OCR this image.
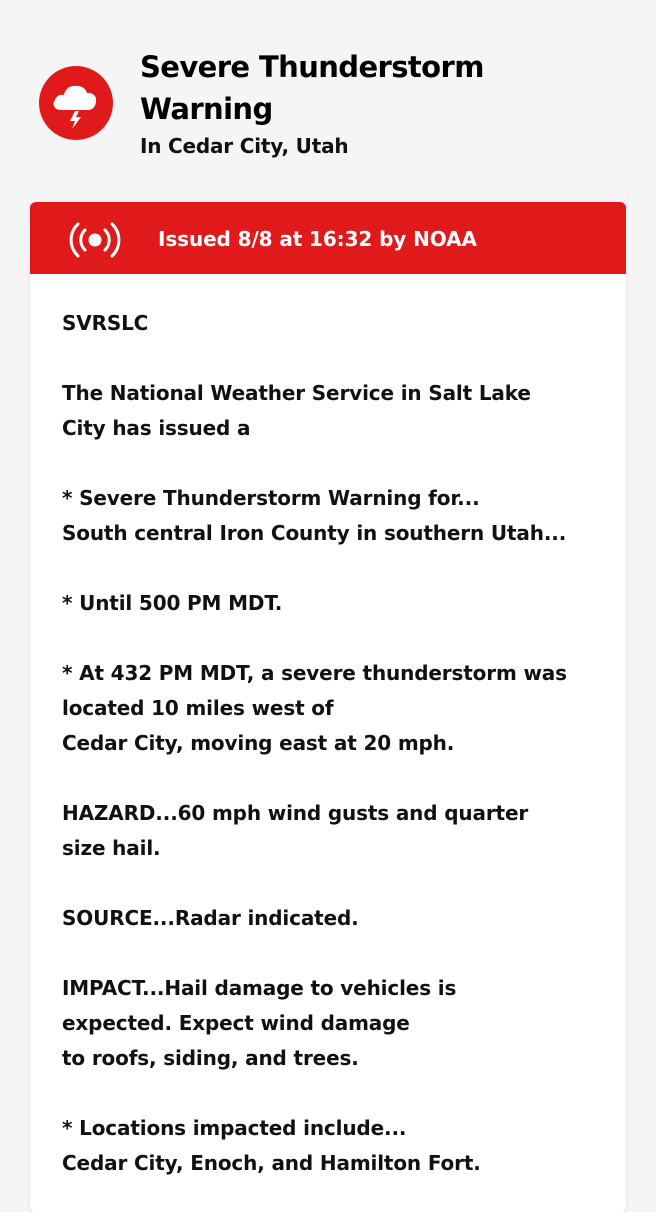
Severe Thunderstorm Warning
In Cedar City, Utah
Issued 8/8 at 16:32 by NOAA

SVRSLC

The National Weather Service in Salt Lake
City has issued a

* Severe Thunderstorm Warning for...
South central Iron County in southern Utah...

* Until 500 PM MDT.

* At 432 PM MDT, a severe thunderstorm was
located 10 miles west of
Cedar City, moving east at 20 mph.

HAZARD...60 mph wind gusts and quarter
size hail.

SOURCE...Radar indicated.

IMPACT...Hail damage to vehicles is
expected. Expect wind damage
to roofs, siding, and trees.

* Locations impacted include...
Cedar City, Enoch, and Hamilton Fort.
